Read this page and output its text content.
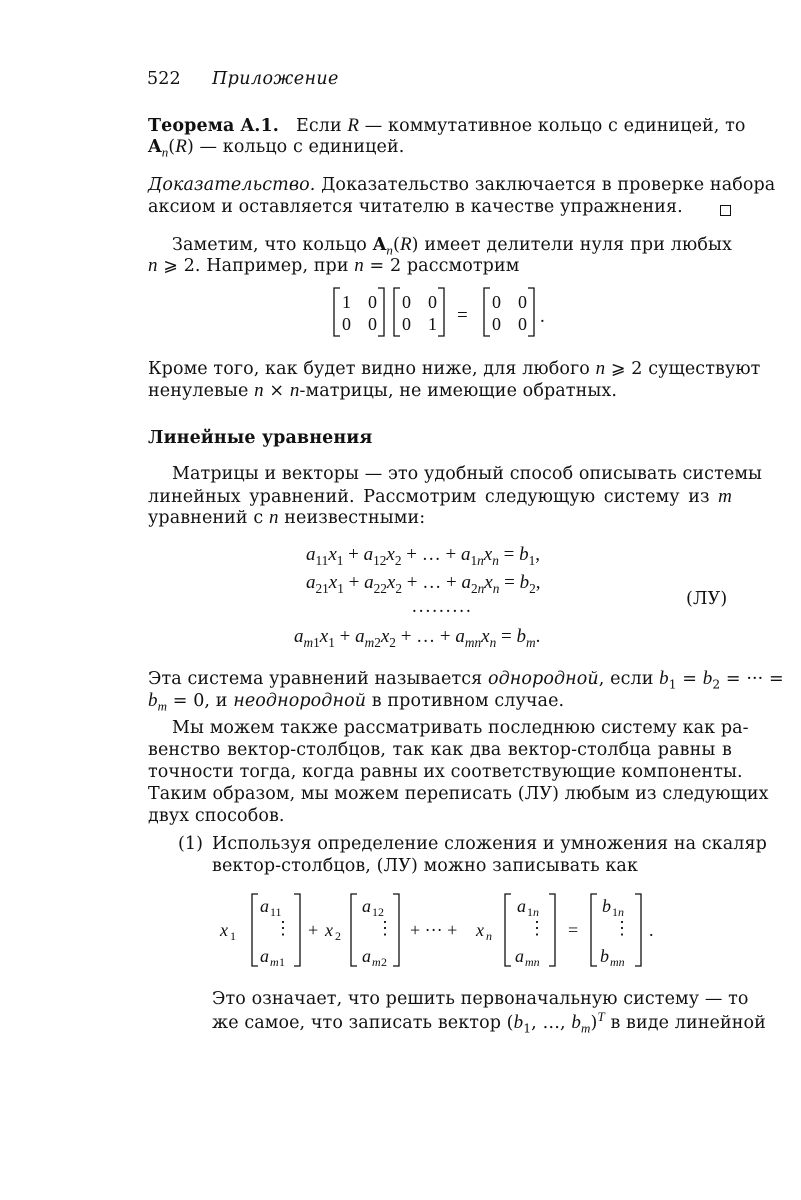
522 Приложение
Теорема A.1.   Если R — коммутативное кольцо с единицей, то
$A_n(R)$ — кольцо с единицей.
Доказательство. Доказательство заключается в проверке набора
аксиом и оставляется читателю в качестве упражнения.
Заметим, что кольцо $A_n(R)$ имеет делители нуля при любых
n ⩾ 2. Например, при n = 2 рассмотрим
1 0
0 0
0 0
0 1 =
0 0
0 0 .
Кроме того, как будет видно ниже, для любого n ⩾ 2 существуют
ненулевые n × n-матрицы, не имеющие обратных.
Линейные уравнения
Матрицы и векторы — это удобный способ описывать системы
линейных уравнений. Рассмотрим следующую систему из m
уравнений с n неизвестными:
$a_{11}x_1 + a_{12}x_2$ + … + $a_{1n}x_n = b_1$,
$a_{21}x_1 + a_{22}x_2$ + … + $a_{2n}x_n = b_2$,
.........
$a_{m1}x_1 + a_{m2}x_2$ + … + $a_{mn}x_n = b_m$.
(ЛУ)
Эта система уравнений называется однородной, если $b_1 = b_2$ = ··· =
$b_m = 0$, и неоднородной в противном случае.
Мы можем также рассматривать последнюю систему как ра-
венство вектор-столбцов, так как два вектор-столбца равны в
точности тогда, когда равны их соответствующие компоненты.
Таким образом, мы можем переписать (ЛУ) любым из следующих
двух способов.
(1) Используя определение сложения и умножения на скаляр
вектор-столбцов, (ЛУ) можно записывать как
x 1
a 11
⋮
a m 1
+ x 2
a 12
⋮
a m 2
+ ··· + x n
a 1 n
⋮
a mn
=
b 1 n
⋮
b mn
.
Это означает, что решить первоначальную систему — то
же самое, что записать вектор ($b_1$, …, $b_m)^T$ в виде линейной
